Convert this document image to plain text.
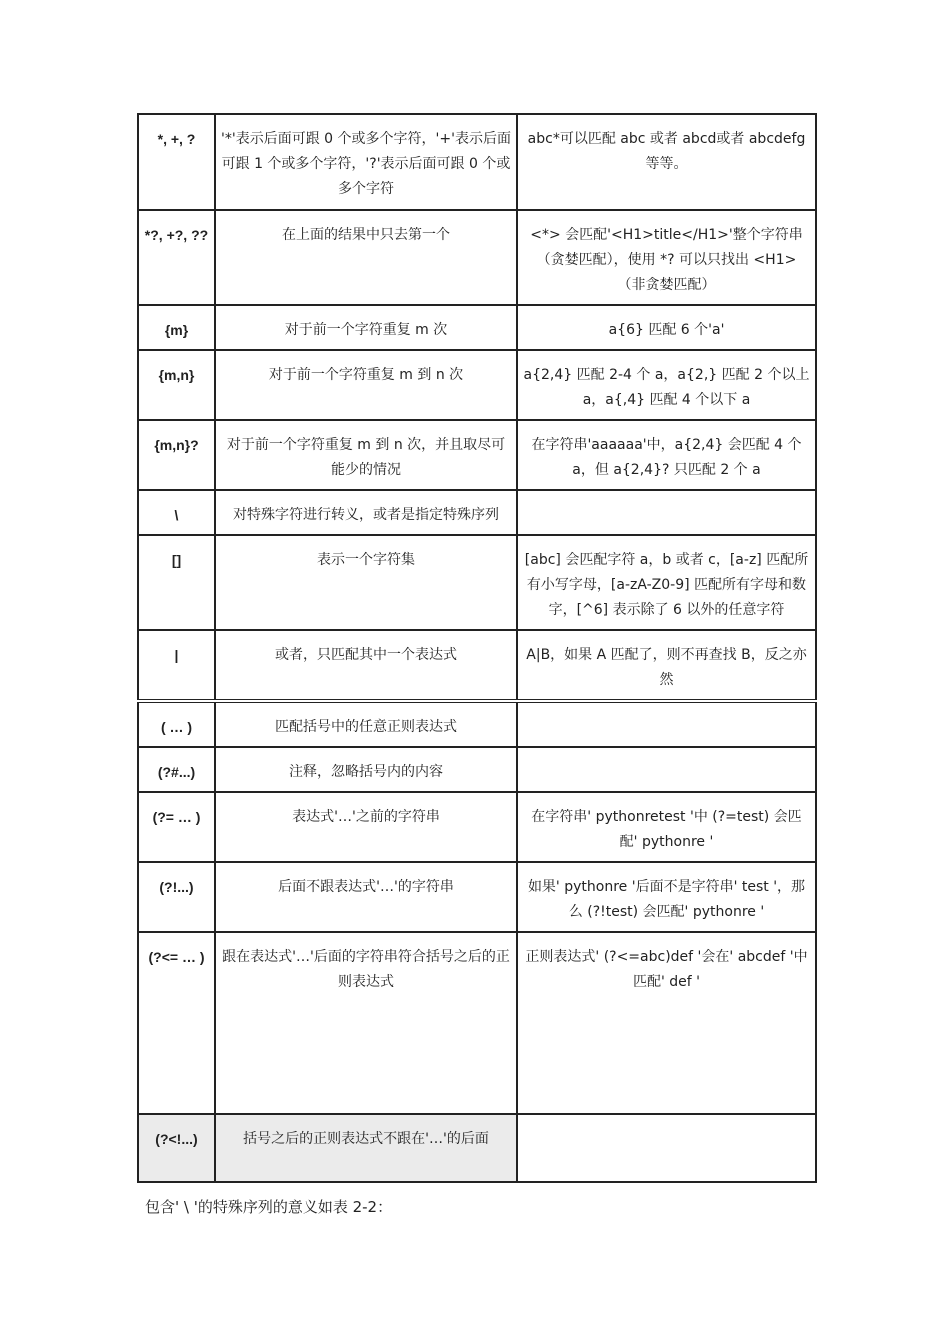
*, +, ?	'*'表示后面可跟 0 个或多个字符，'+'表示后面可跟 1 个或多个字符，'?'表示后面可跟 0 个或多个字符	abc*可以匹配 abc 或者 abcd或者 abcdefg等等。
*?, +?, ??	在上面的结果中只去第一个	<*> 会匹配'<H1>title</H1>'整个字符串（贪婪匹配），使用 *? 可以只找出 <H1>（非贪婪匹配）
{m}	对于前一个字符重复 m 次	a{6} 匹配 6 个'a'
{m,n}	对于前一个字符重复 m 到 n 次	a{2,4} 匹配 2-4 个 a，a{2,} 匹配 2 个以上 a，a{,4} 匹配 4 个以下 a
{m,n}?	对于前一个字符重复 m 到 n 次，并且取尽可能少的情况	在字符串'aaaaaa'中，a{2,4} 会匹配 4 个 a，但 a{2,4}? 只匹配 2 个 a
\	对特殊字符进行转义，或者是指定特殊序列	
[]	表示一个字符集	[abc] 会匹配字符 a，b 或者 c，[a-z] 匹配所有小写字母，[a-zA-Z0-9] 匹配所有字母和数字，[^6] 表示除了 6 以外的任意字符
|	或者，只匹配其中一个表达式	A|B，如果 A 匹配了，则不再查找 B，反之亦然
( … )	匹配括号中的任意正则表达式	
(?#...)	注释，忽略括号内的内容	
(?= … )	表达式'…'之前的字符串	在字符串' pythonretest '中 (?=test) 会匹配' pythonre '
(?!...)	后面不跟表达式'…'的字符串	如果' pythonre '后面不是字符串' test '，那么 (?!test) 会匹配' pythonre '
(?<= … )	跟在表达式'…'后面的字符串符合括号之后的正则表达式	正则表达式' (?<=abc)def '会在' abcdef '中匹配' def '
(?<!...)	括号之后的正则表达式不跟在'…'的后面	
包含' \ '的特殊序列的意义如表 2-2：
